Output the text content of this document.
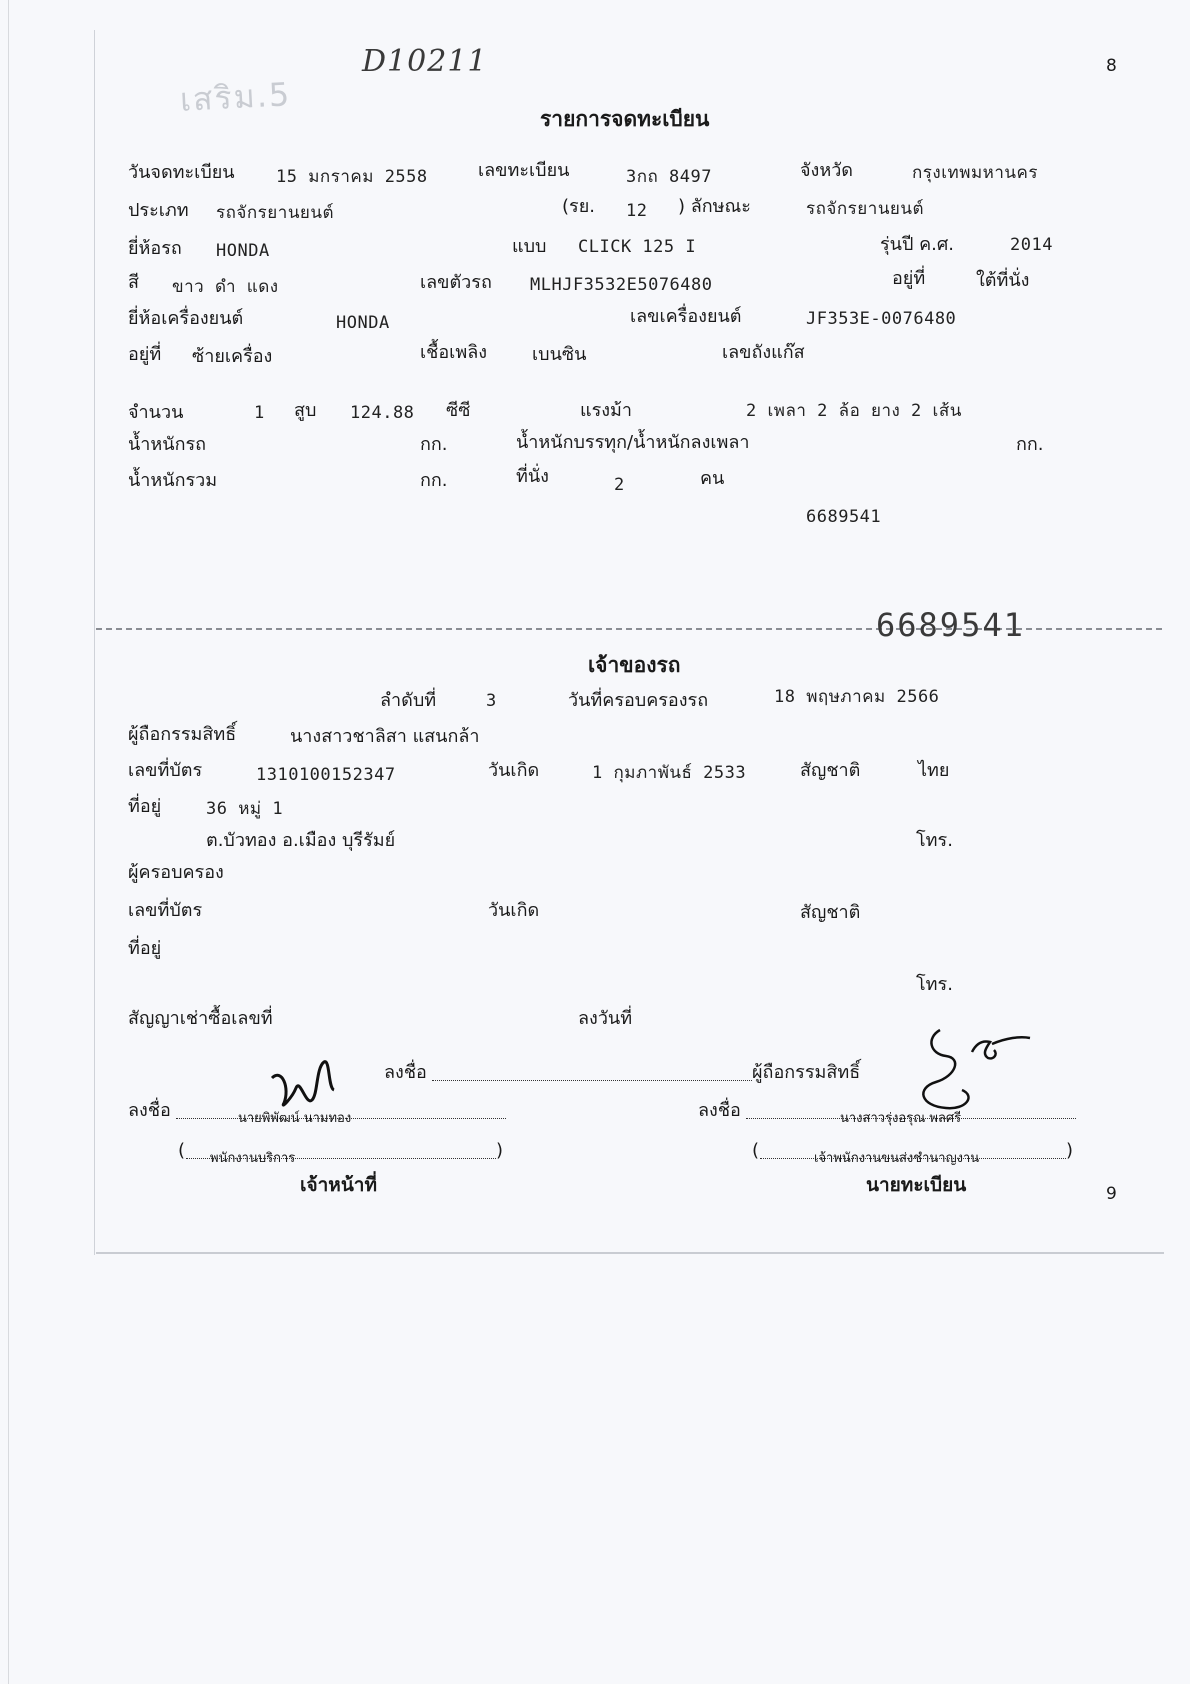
8
9
เสริม.5
D10211
รายการจดทะเบียน
วันจดทะเบียน 15 มกราคม 2558	เลขทะเบียน	3กถ 8497	จังหวัด	กรุงเทพมหานคร
ประเภท รถจักรยานยนต์	(รย. 12 ) ลักษณะ	รถจักรยานยนต์
ยี่ห้อรถ HONDA	แบบ CLICK 125 I	รุ่นปี ค.ศ.	2014
สี ขาว ดำ แดง	เลขตัวรถ MLHJF3532E5076480	อยู่ที่	ใต้ที่นั่ง
ยี่ห้อเครื่องยนต์	HONDA	เลขเครื่องยนต์	JF353E-0076480
อยู่ที่ ซ้ายเครื่อง	เชื้อเพลิง เบนซิน	เลขถังแก๊ส
จำนวน	1 สูบ 124.88 ซีซี	แรงม้า	2 เพลา 2 ล้อ ยาง 2 เส้น
น้ำหนักรถ	กก.	น้ำหนักบรรทุก/น้ำหนักลงเพลา	กก.
น้ำหนักรวม	กก.	ที่นั่ง	2	คน
6689541
6689541
เจ้าของรถ
ลำดับที่	3	วันที่ครอบครองรถ	18 พฤษภาคม 2566
ผู้ถือกรรมสิทธิ์	นางสาวชาลิสา แสนกล้า
เลขที่บัตร	1310100152347	วันเกิด	1 กุมภาพันธ์ 2533	สัญชาติ	ไทย
ที่อยู่	36 หมู่ 1
ต.บัวทอง อ.เมือง บุรีรัมย์	โทร.
ผู้ครอบครอง
เลขที่บัตร	วันเกิด	สัญชาติ
ที่อยู่
โทร.
สัญญาเช่าซื้อเลขที่	ลงวันที่
ลงชื่อ	ผู้ถือกรรมสิทธิ์
ลงชื่อ	นายพิพัฒน์ นามทอง
( พนักงานบริการ	)
เจ้าหน้าที่
ลงชื่อ	นางสาวรุ่งอรุณ พลศรี
(	เจ้าพนักงานขนส่งชำนาญงาน	)
นายทะเบียน
